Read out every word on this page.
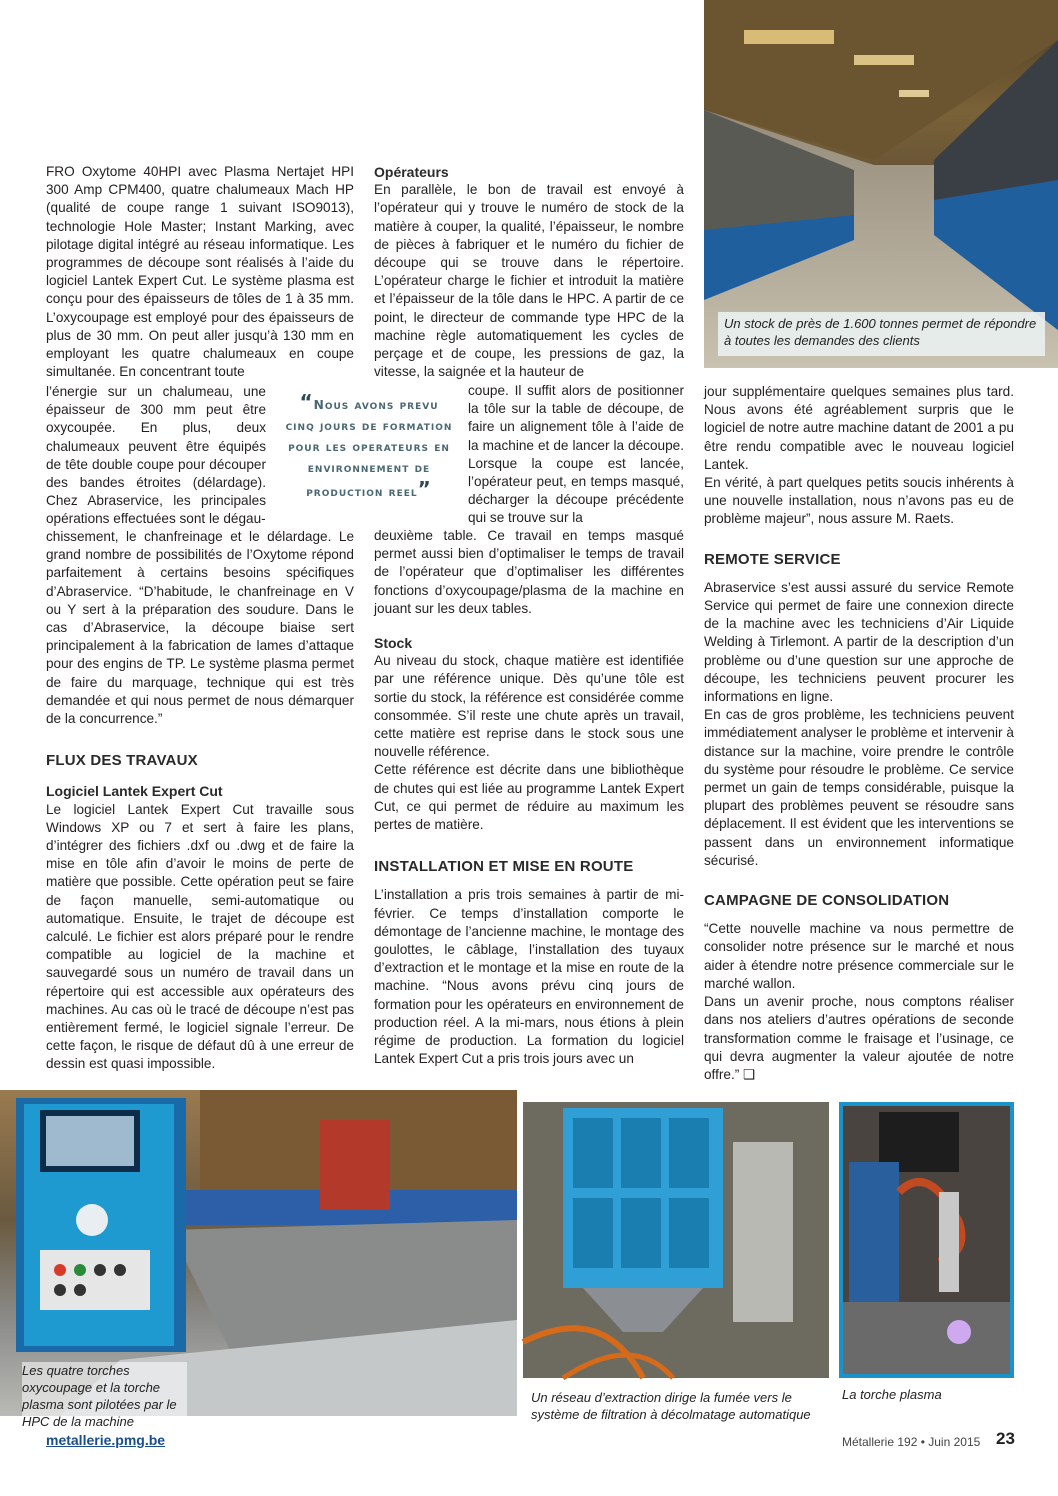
FRO Oxytome 40HPI avec Plasma Nertajet HPI 300 Amp CPM400, quatre chalumeaux Mach HP (qualité de coupe range 1 suivant ISO9013), technologie Hole Master; Instant Marking, avec pilotage digital intégré au réseau informatique. Les programmes de découpe sont réalisés à l’aide du logiciel Lantek Expert Cut. Le système plasma est conçu pour des épaisseurs de tôles de 1 à 35 mm. L’oxycoupage est employé pour des épaisseurs de plus de 30 mm. On peut aller jusqu’à 130 mm en employant les quatre chalumeaux en coupe simultanée. En concentrant toute

l’énergie sur un chalumeau, une épaisseur de 300 mm peut être oxycoupée. En plus, deux chalumeaux peuvent être équipés de tête double coupe pour découper des bandes étroites (délardage). Chez Abraservice, les principales opérations effectuées sont le dégau-

chissement, le chanfreinage et le délardage. Le grand nombre de possibilités de l’Oxytome répond parfaitement à certains besoins spécifiques d’Abraservice. “D’habitude, le chanfreinage en V ou Y sert à la préparation des soudure. Dans le cas d’Abraservice, la découpe biaise sert principalement à la fabrication de lames d’attaque pour des engins de TP. Le système plasma permet de faire du marquage, technique qui est très demandée et qui nous permet de nous démarquer de la concurrence.”

FLUX DES TRAVAUX
Logiciel Lantek Expert Cut

Le logiciel Lantek Expert Cut travaille sous Windows XP ou 7 et sert à faire les plans, d’intégrer des fichiers .dxf ou .dwg et de faire la mise en tôle afin d’avoir le moins de perte de matière que possible. Cette opération peut se faire de façon manuelle, semi-automatique ou automatique. Ensuite, le trajet de découpe est calculé. Le fichier est alors préparé pour le rendre compatible au logiciel de la machine et sauvegardé sous un numéro de travail dans un répertoire qui est accessible aux opérateurs des machines. Au cas où le tracé de découpe n’est pas entièrement fermé, le logiciel signale l’erreur. De cette façon, le risque de défaut dû à une erreur de dessin est quasi impossible.

“Nous avons prevu cinq jours de formation pour les operateurs en environnement de production reel”
Opérateurs

En parallèle, le bon de travail est envoyé à l’opérateur qui y trouve le numéro de stock de la matière à couper, la qualité, l’épaisseur, le nombre de pièces à fabriquer et le numéro du fichier de découpe qui se trouve dans le répertoire. L’opérateur charge le fichier et introduit la matière et l’épaisseur de la tôle dans le HPC. A partir de ce point, le directeur de commande type HPC de la machine règle automatiquement les cycles de perçage et de coupe, les pressions de gaz, la vitesse, la saignée et la hauteur de

coupe. Il suffit alors de positionner la tôle sur la table de découpe, de faire un alignement tôle à l’aide de la machine et de lancer la découpe. Lorsque la coupe est lancée, l’opérateur peut, en temps masqué, décharger la découpe précédente qui se trouve sur la

deuxième table. Ce travail en temps masqué permet aussi bien d’optimaliser le temps de travail de l’opérateur que d’optimaliser les différentes fonctions d’oxycoupage/plasma de la machine en jouant sur les deux tables.

Stock

Au niveau du stock, chaque matière est identifiée par une référence unique. Dès qu’une tôle est sortie du stock, la référence est considérée comme consommée. S’il reste une chute après un travail, cette matière est reprise dans le stock sous une nouvelle référence.

Cette référence est décrite dans une bibliothèque de chutes qui est liée au programme Lantek Expert Cut, ce qui permet de réduire au maximum les pertes de matière.

INSTALLATION ET MISE EN ROUTE

L’installation a pris trois semaines à partir de mi-février. Ce temps d’installation comporte le démontage de l’ancienne machine, le montage des goulottes, le câblage, l’installation des tuyaux d’extraction et le montage et la mise en route de la machine. “Nous avons prévu cinq jours de formation pour les opérateurs en environnement de production réel. A la mi-mars, nous étions à plein régime de production. La formation du logiciel Lantek Expert Cut a pris trois jours avec un

jour supplémentaire quelques semaines plus tard. Nous avons été agréablement surpris que le logiciel de notre autre machine datant de 2001 a pu être rendu compatible avec le nouveau logiciel Lantek.

En vérité, à part quelques petits soucis inhérents à une nouvelle installation, nous n’avons pas eu de problème majeur”, nous assure M. Raets.

REMOTE SERVICE

Abraservice s’est aussi assuré du service Remote Service qui permet de faire une connexion directe de la machine avec les techniciens d’Air Liquide Welding à Tirlemont. A partir de la description d’un problème ou d’une question sur une approche de découpe, les techniciens peuvent procurer les informations en ligne.

En cas de gros problème, les techniciens peuvent immédiatement analyser le problème et intervenir à distance sur la machine, voire prendre le contrôle du système pour résoudre le problème. Ce service permet un gain de temps considérable, puisque la plupart des problèmes peuvent se résoudre sans déplacement. Il est évident que les interventions se passent dans un environnement informatique sécurisé.

CAMPAGNE DE CONSOLIDATION

“Cette nouvelle machine va nous permettre de consolider notre présence sur le marché et nous aider à étendre notre présence commerciale sur le marché wallon.

Dans un avenir proche, nous comptons réaliser dans nos ateliers d’autres opérations de seconde transformation comme le fraisage et l’usinage, ce qui devra augmenter la valeur ajoutée de notre offre.” ❑

Un stock de près de 1.600 tonnes permet de répondre à toutes les demandes des clients
Les quatre torches oxycoupage et la torche plasma sont pilotées par le HPC de la machine
Un réseau d’extraction dirige la fumée vers le système de filtration à décolmatage automatique
La torche plasma
metallerie.pmg.be	Métallerie 192 • Juin 2015 23
